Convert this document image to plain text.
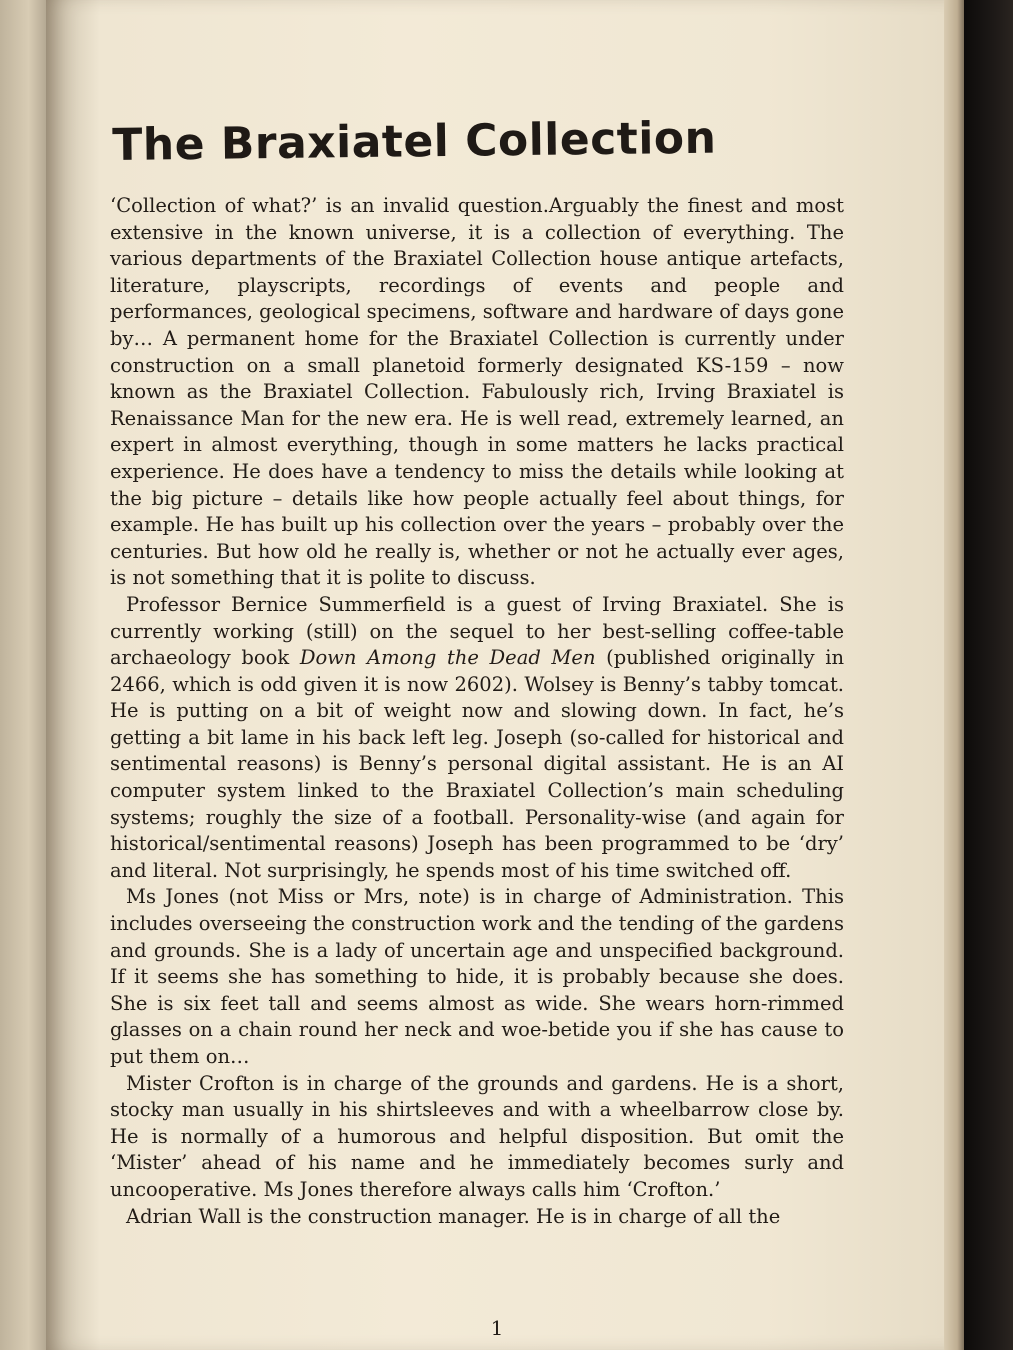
The Braxiatel Collection

‘Collection of what?’ is an invalid question.Arguably the finest and most extensive in the known universe, it is a collection of everything. The various departments of the Braxiatel Collection house antique artefacts, literature, playscripts, recordings of events and people and performances, geological specimens, software and hardware of days gone by… A permanent home for the Braxiatel Collection is currently under construction on a small planetoid formerly designated KS-159 – now known as the Braxiatel Collection. Fabulously rich, Irving Braxiatel is Renaissance Man for the new era. He is well read, extremely learned, an expert in almost everything, though in some matters he lacks practical experience. He does have a tendency to miss the details while looking at the big picture – details like how people actually feel about things, for example. He has built up his collection over the years – probably over the centuries. But how old he really is, whether or not he actually ever ages, is not something that it is polite to discuss.

Professor Bernice Summerfield is a guest of Irving Braxiatel. She is currently working (still) on the sequel to her best-selling coffee-table archaeology book Down Among the Dead Men (published originally in 2466, which is odd given it is now 2602). Wolsey is Benny’s tabby tomcat. He is putting on a bit of weight now and slowing down. In fact, he’s getting a bit lame in his back left leg. Joseph (so-called for historical and sentimental reasons) is Benny’s personal digital assistant. He is an AI computer system linked to the Braxiatel Collection’s main scheduling systems; roughly the size of a football. Personality-wise (and again for historical/sentimental reasons) Joseph has been programmed to be ‘dry’ and literal. Not surprisingly, he spends most of his time switched off.

Ms Jones (not Miss or Mrs, note) is in charge of Administration. This includes overseeing the construction work and the tending of the gardens and grounds. She is a lady of uncertain age and unspecified background. If it seems she has something to hide, it is probably because she does. She is six feet tall and seems almost as wide. She wears horn-rimmed glasses on a chain round her neck and woe-betide you if she has cause to put them on…

Mister Crofton is in charge of the grounds and gardens. He is a short, stocky man usually in his shirtsleeves and with a wheelbarrow close by. He is normally of a humorous and helpful disposition. But omit the ‘Mister’ ahead of his name and he immediately becomes surly and uncooperative. Ms Jones therefore always calls him ‘Crofton.’

Adrian Wall is the construction manager. He is in charge of all the

1
